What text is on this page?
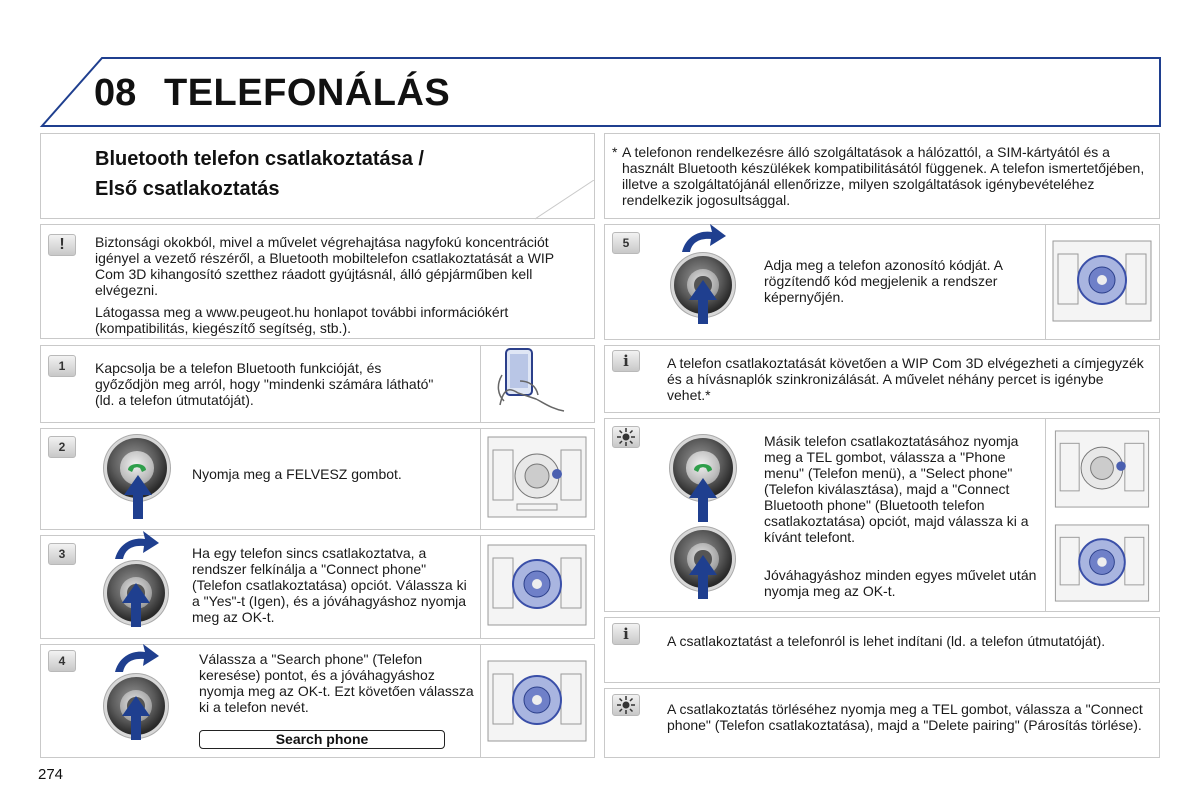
08 TELEFONÁLÁS
Bluetooth telefon csatlakoztatása /
Első csatlakoztatás
* A telefonon rendelkezésre álló szolgáltatások a hálózattól, a SIM-kártyától és a használt Bluetooth készülékek kompatibilitásától függenek. A telefon ismertetőjében, illetve a szolgáltatójánál ellenőrizze, milyen szolgáltatások igénybevételéhez rendelkezik jogosultsággal.
!	Biztonsági okokból, mivel a művelet végrehajtása nagyfokú koncentrációt igényel a vezető részéről, a Bluetooth mobiltelefon csatlakoztatását a WIP Com 3D kihangosító szetthez ráadott gyújtásnál, álló gépjárműben kell elvégezni.
Látogassa meg a www.peugeot.hu honlapot további információkért (kompatibilitás, kiegészítő segítség, stb.).
1	Kapcsolja be a telefon Bluetooth funkcióját, és győződjön meg arról, hogy "mindenki számára látható" (ld. a telefon útmutatóját).
2
Nyomja meg a FELVESZ gombot.
3	Ha egy telefon sincs csatlakoztatva, a rendszer felkínálja a "Connect phone" (Telefon csatlakoztatása) opciót. Válassza ki a "Yes"-t (Igen), és a jóváhagyáshoz nyomja meg az OK-t.
4	Válassza a "Search phone" (Telefon keresése) pontot, és a jóváhagyáshoz nyomja meg az OK-t. Ezt követően válassza ki a telefon nevét.
Search phone
5
Adja meg a telefon azonosító kódját. A rögzítendő kód megjelenik a rendszer képernyőjén.
i	A telefon csatlakoztatását követően a WIP Com 3D elvégezheti a címjegyzék és a hívásnaplók szinkronizálását. A művelet néhány percet is igénybe vehet.*
Másik telefon csatlakoztatásához nyomja meg a TEL gombot, válassza a "Phone menu" (Telefon menü), a "Select phone" (Telefon kiválasztása), majd a "Connect Bluetooth phone" (Bluetooth telefon csatlakoztatása) opciót, majd válassza ki a kívánt telefont.
Jóváhagyáshoz minden egyes művelet után nyomja meg az OK-t.
i	A csatlakoztatást a telefonról is lehet indítani (ld. a telefon útmutatóját).
A csatlakoztatás törléséhez nyomja meg a TEL gombot, válassza a "Connect phone" (Telefon csatlakoztatása), majd a "Delete pairing" (Párosítás törlése).
274
